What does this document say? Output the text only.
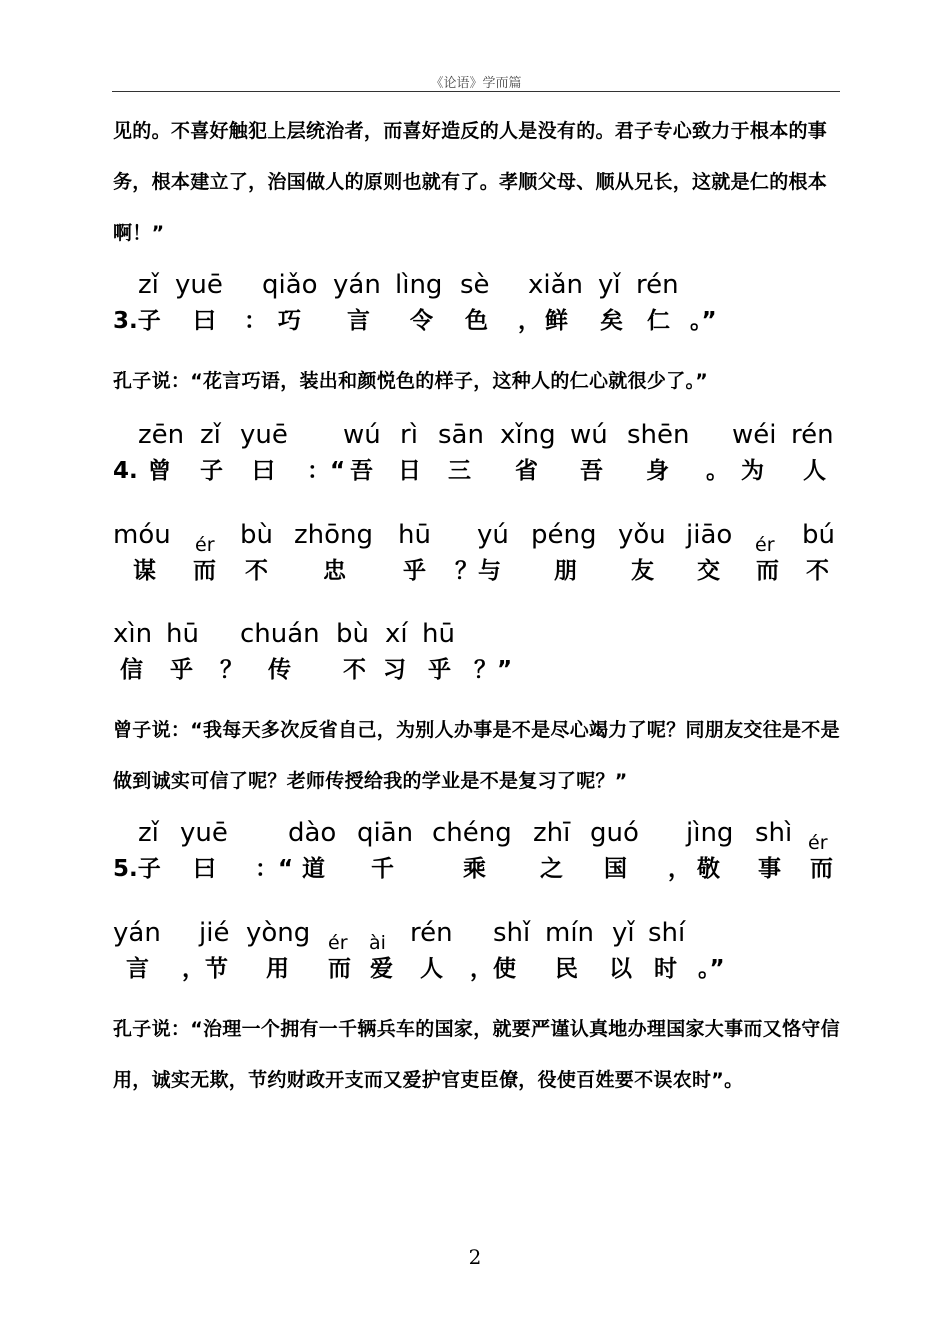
《论语》学而篇

见的。不喜好触犯上层统治者，而喜好造反的人是没有的。君子专心致力于根本的事务，根本建立了，治国做人的原则也就有了。孝顺父母、顺从兄长，这就是仁的根本啊！”

zǐ yuē qiǎo yán lìng sè xiǎn yǐ rén
3.子 曰 ： 巧 言 令 色 ， 鲜 矣 仁 。”

孔子说：“花言巧语，装出和颜悦色的样子，这种人的仁心就很少了。”

zēn zǐ yuē wú rì sān xǐng wú shēn wéi rén
4. 曾 子 曰 ：“ 吾 日 三 省 吾 身 。 为 人
móu ér bù zhōng hū yú péng yǒu jiāo ér bú
谋 而 不 忠 乎 ？与 朋 友 交 而 不
xìn hū chuán bù xí hū
信 乎 ？ 传 不 习 乎 ？”

曾子说：“我每天多次反省自己，为别人办事是不是尽心竭力了呢？同朋友交往是不是做到诚实可信了呢？老师传授给我的学业是不是复习了呢？”

zǐ yuē dào qiān chéng zhī guó jìng shì ér
5.子 曰 ：“ 道 千	乘 之 国 ， 敬 事 而
yán jié yòng ér ài rén shǐ mín yǐ shí
言 ，节 用 而 爱 人 ，使 民 以 时 。”

孔子说：“治理一个拥有一千辆兵车的国家，就要严谨认真地办理国家大事而又恪守信用，诚实无欺，节约财政开支而又爱护官吏臣僚，役使百姓要不误农时”。

2
